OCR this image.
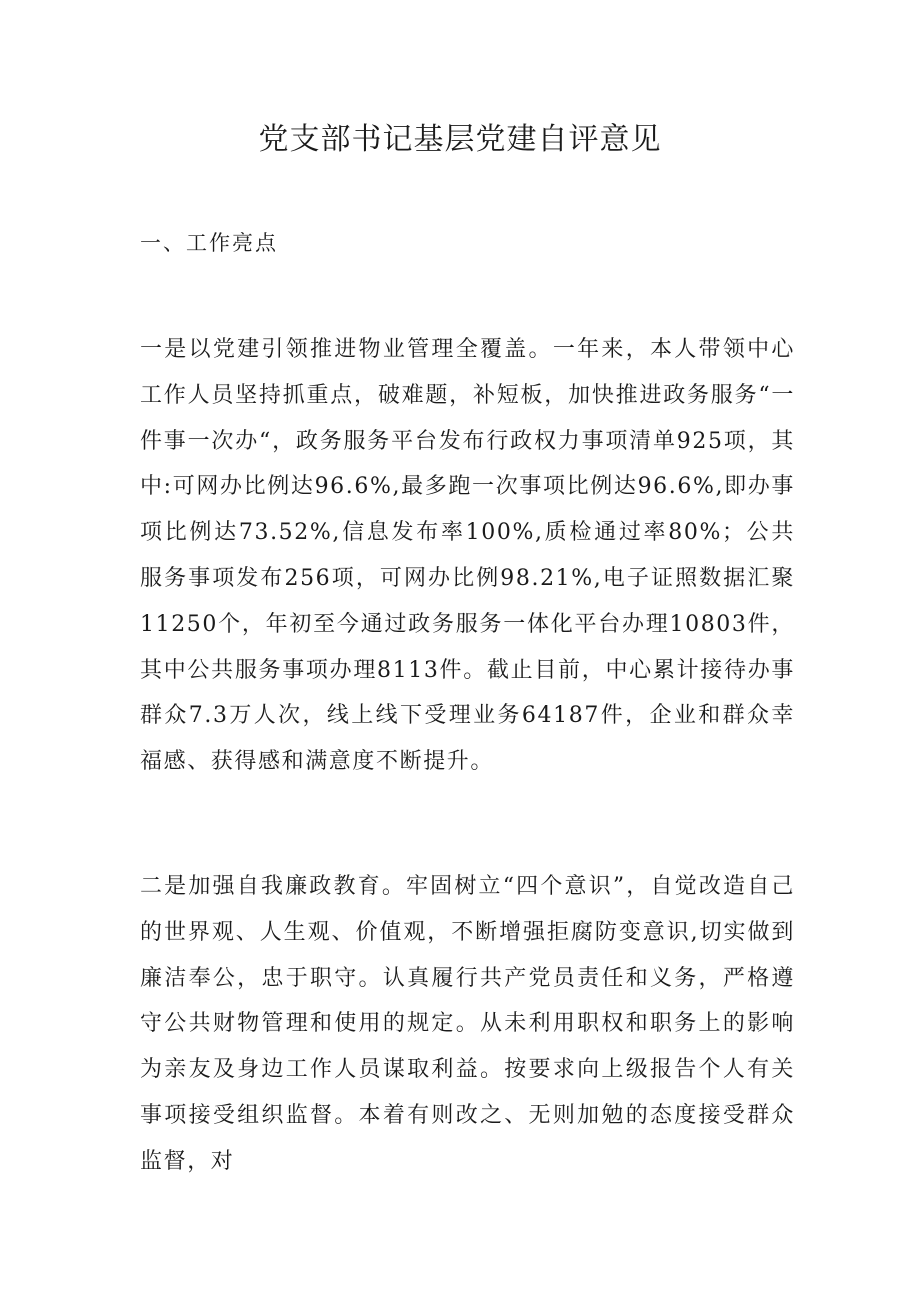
党支部书记基层党建自评意见
一、工作亮点

一是以党建引领推进物业管理全覆盖。一年来，本人带领中心工作人员坚持抓重点，破难题，补短板，加快推进政务服务“一件事一次办“，政务服务平台发布行政权力事项清单925项，其中:可网办比例达96.6%,最多跑一次事项比例达96.6%,即办事项比例达73.52%,信息发布率100%,质检通过率80%；公共服务事项发布256项，可网办比例98.21%,电子证照数据汇聚11250个，年初至今通过政务服务一体化平台办理10803件，其中公共服务事项办理8113件。截止目前，中心累计接待办事群众7.3万人次，线上线下受理业务64187件，企业和群众幸福感、获得感和满意度不断提升。

二是加强自我廉政教育。牢固树立“四个意识”，自觉改造自己的世界观、人生观、价值观，不断增强拒腐防变意识,切实做到廉洁奉公，忠于职守。认真履行共产党员责任和义务，严格遵守公共财物管理和使用的规定。从未利用职权和职务上的影响为亲友及身边工作人员谋取利益。按要求向上级报告个人有关事项接受组织监督。本着有则改之、无则加勉的态度接受群众监督，对
